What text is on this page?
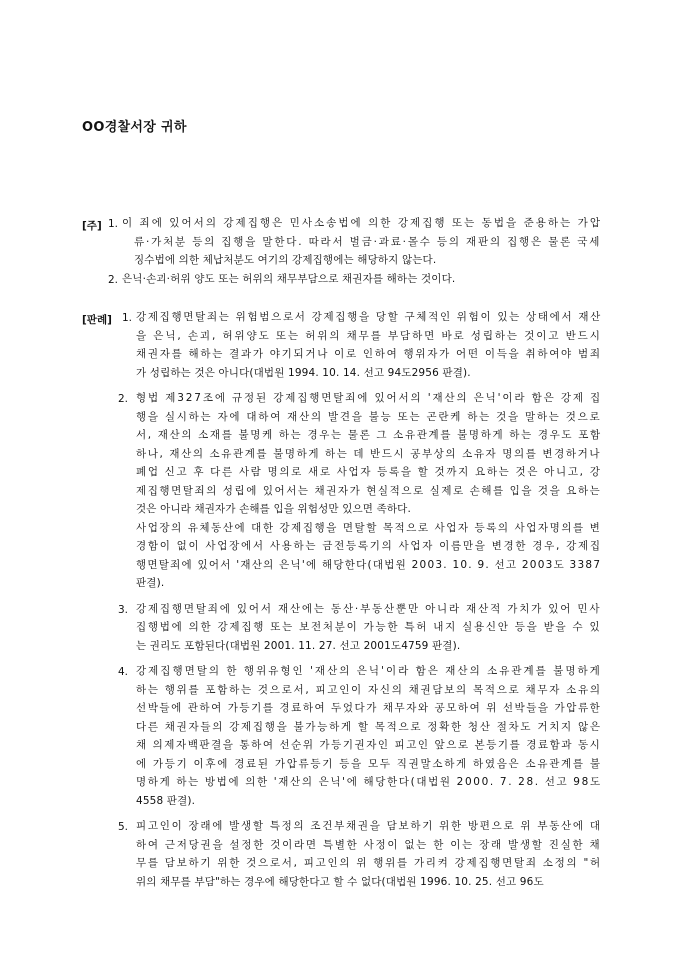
OO경찰서장 귀하
[주] 1. 이 죄에 있어서의 강제집행은 민사소송법에 의한 강제집행 또는 동법을 준용하는 가압
류·가처분 등의 집행을 말한다. 따라서 벌금·과료·몰수 등의 재판의 집행은 물론 국세
징수법에 의한 체납처분도 여기의 강제집행에는 해당하지 않는다.
2. 은닉·손괴·허위 양도 또는 허위의 채무부담으로 채권자를 해하는 것이다.
[판례] 1. 강제집행면탈죄는 위험범으로서 강제집행을 당할 구체적인 위험이 있는 상태에서 재산
을 은닉, 손괴, 허위양도 또는 허위의 채무를 부담하면 바로 성립하는 것이고 반드시
채권자를 해하는 결과가 야기되거나 이로 인하여 행위자가 어떤 이득을 취하여야 범죄
가 성립하는 것은 아니다(대법원 1994. 10. 14. 선고 94도2956 판결).
2. 형법 제327조에 규정된 강제집행면탈죄에 있어서의 '재산의 은닉'이라 함은 강제 집
행을 실시하는 자에 대하여 재산의 발견을 불능 또는 곤란케 하는 것을 말하는 것으로
서, 재산의 소재를 불명케 하는 경우는 물론 그 소유관계를 불명하게 하는 경우도 포함
하나, 재산의 소유관계를 불명하게 하는 데 반드시 공부상의 소유자 명의를 변경하거나
폐업 신고 후 다른 사람 명의로 새로 사업자 등록을 할 것까지 요하는 것은 아니고, 강
제집행면탈죄의 성립에 있어서는 채권자가 현실적으로 실제로 손해를 입을 것을 요하는
것은 아니라 채권자가 손해를 입을 위험성만 있으면 족하다.
사업장의 유체동산에 대한 강제집행을 면탈할 목적으로 사업자 등록의 사업자명의를 변
경함이 없이 사업장에서 사용하는 금전등록기의 사업자 이름만을 변경한 경우, 강제집
행면탈죄에 있어서 '재산의 은닉'에 해당한다(대법원 2003. 10. 9. 선고 2003도 3387
판결).
3. 강제집행면탈죄에 있어서 재산에는 동산·부동산뿐만 아니라 재산적 가치가 있어 민사
집행법에 의한 강제집행 또는 보전처분이 가능한 특허 내지 실용신안 등을 받을 수 있
는 권리도 포함된다(대법원 2001. 11. 27. 선고 2001도4759 판결).
4. 강제집행면탈의 한 행위유형인 '재산의 은닉'이라 함은 재산의 소유관계를 불명하게
하는 행위를 포함하는 것으로서, 피고인이 자신의 채권담보의 목적으로 채무자 소유의
선박들에 관하여 가등기를 경료하여 두었다가 채무자와 공모하여 위 선박들을 가압류한
다른 채권자들의 강제집행을 불가능하게 할 목적으로 정확한 청산 절차도 거치지 않은
채 의제자백판결을 통하여 선순위 가등기권자인 피고인 앞으로 본등기를 경료함과 동시
에 가등기 이후에 경료된 가압류등기 등을 모두 직권말소하게 하였음은 소유관계를 불
명하게 하는 방법에 의한 '재산의 은닉'에 해당한다(대법원 2000. 7. 28. 선고 98도
4558 판결).
5. 피고인이 장래에 발생할 특정의 조건부채권을 담보하기 위한 방편으로 위 부동산에 대
하여 근저당권을 설정한 것이라면 특별한 사정이 없는 한 이는 장래 발생할 진실한 채
무를 담보하기 위한 것으로서, 피고인의 위 행위를 가리켜 강제집행면탈죄 소정의 "허
위의 채무를 부담"하는 경우에 해당한다고 할 수 없다(대법원 1996. 10. 25. 선고 96도
